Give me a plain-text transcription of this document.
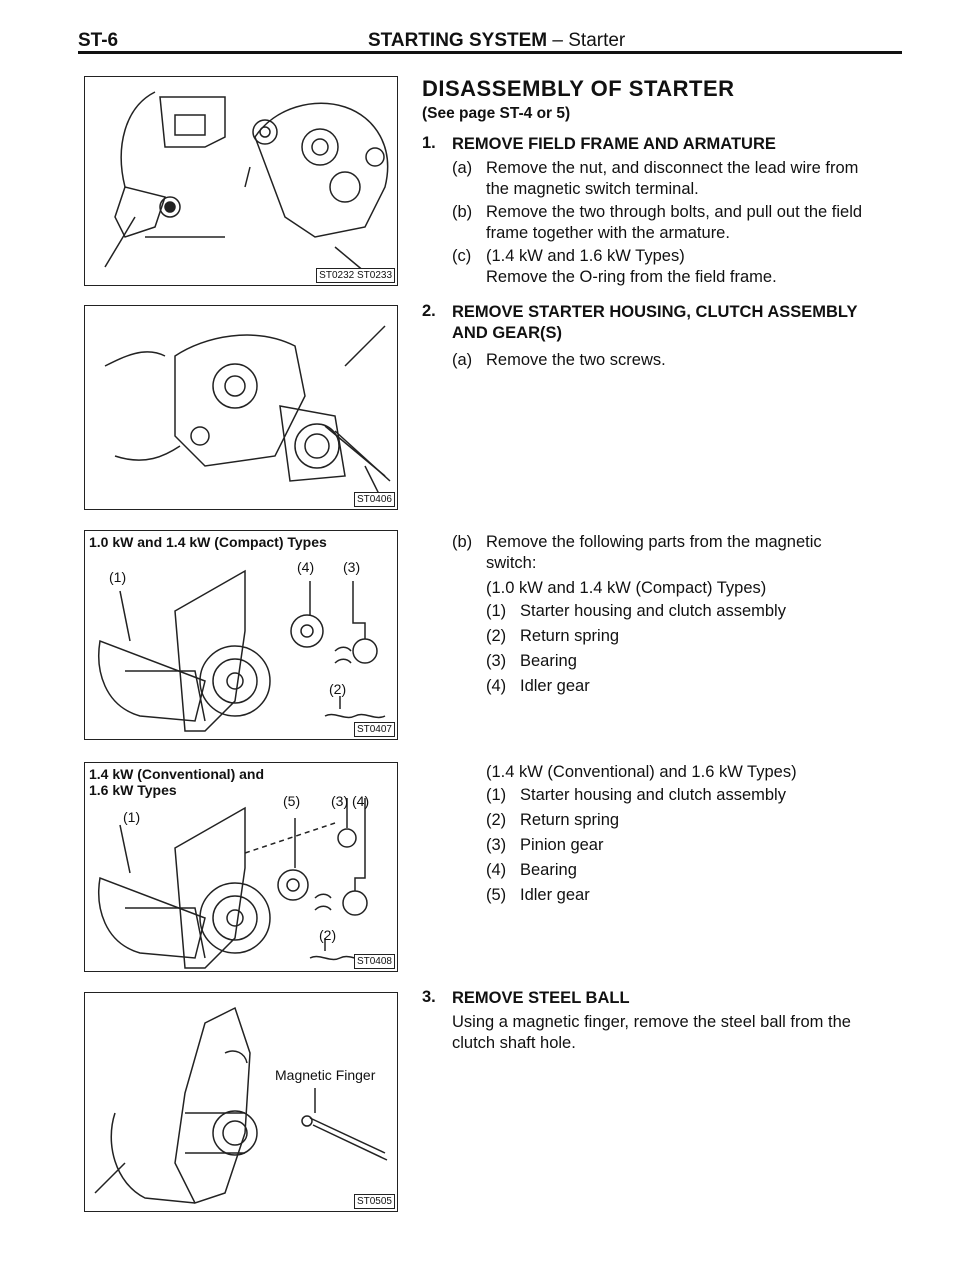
ST-6	STARTING SYSTEM – Starter
ST0232 ST0233
ST0406
1.0 kW and 1.4 kW (Compact) Types
(4) (3)
(1)
(2)
ST0407
1.4 kW (Conventional) and
1.6 kW Types
(5) (3) (4)
(1)
(2)
ST0408
Magnetic Finger
ST0505
DISASSEMBLY OF STARTER
(See page ST-4 or 5)
1. REMOVE FIELD FRAME AND ARMATURE
(a) Remove the nut, and disconnect the lead wire from
the magnetic switch terminal.
(b) Remove the two through bolts, and pull out the field
frame together with the armature.
(c) (1.4 kW and 1.6 kW Types)
Remove the O-ring from the field frame.
2. REMOVE STARTER HOUSING, CLUTCH ASSEMBLY
AND GEAR(S)
(a) Remove the two screws.
(b) Remove the following parts from the magnetic
switch:
(1.0 kW and 1.4 kW (Compact) Types)
(1) Starter housing and clutch assembly
(2) Return spring
(3) Bearing
(4) Idler gear
(1.4 kW (Conventional) and 1.6 kW Types)
(1) Starter housing and clutch assembly
(2) Return spring
(3) Pinion gear
(4) Bearing
(5) Idler gear
3. REMOVE STEEL BALL
Using a magnetic finger, remove the steel ball from the
clutch shaft hole.
